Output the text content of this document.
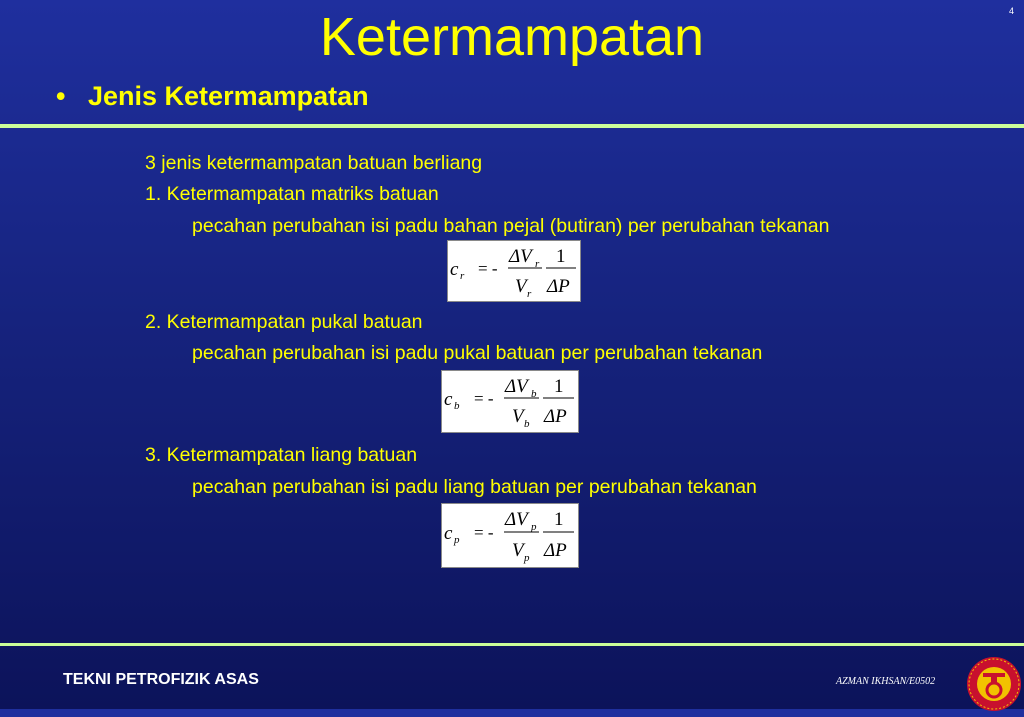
Ketermampatan	4
• Jenis Ketermampatan
3 jenis ketermampatan batuan berliang
1. Ketermampatan matriks batuan
pecahan perubahan isi padu bahan pejal (butiran) per perubahan tekanan
c r = -
ΔV r
V r
1
ΔP
2. Ketermampatan pukal batuan
pecahan perubahan isi padu pukal batuan per perubahan tekanan
c b = -
ΔV b
V b
1
ΔP
3. Ketermampatan liang batuan
pecahan perubahan isi padu liang batuan per perubahan tekanan
c p = -
ΔV p
V p
1
ΔP
TEKNI PETROFIZIK ASAS	AZMAN IKHSAN/E0502
